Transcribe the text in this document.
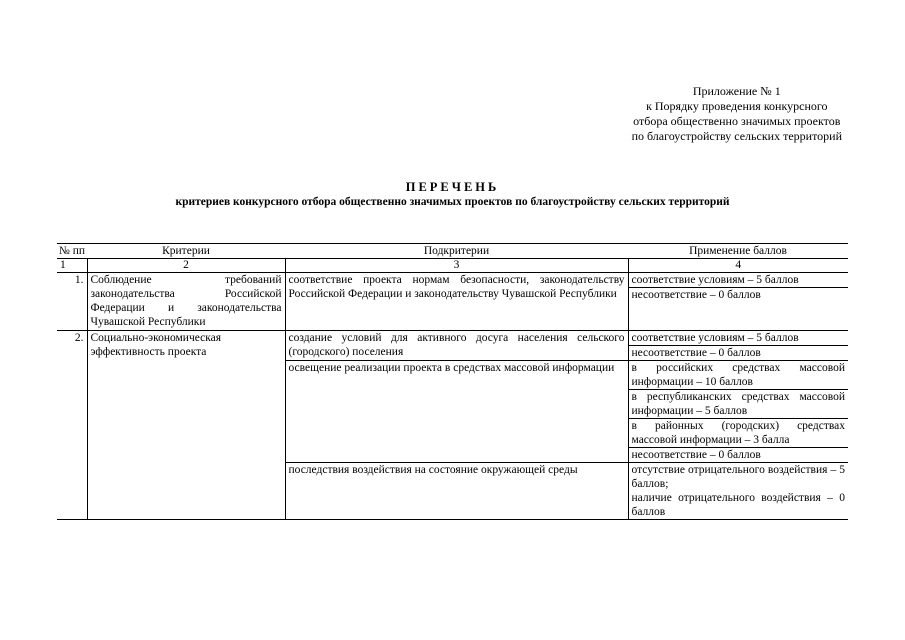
Приложение № 1
к Порядку проведения конкурсного
отбора общественно значимых проектов
по благоустройству сельских территорий
ПЕРЕЧЕНЬ
критериев конкурсного отбора общественно значимых проектов по благоустройству сельских территорий
№ пп	Критерии	Подкритерии	Применение баллов
1	2	3	4
1.	Соблюдение требований законодательства Российской Федерации и законодательства Чувашской Республики	соответствие проекта нормам безопасности, законодательству Российской Федерации и законодательству Чувашской Республики	соответствие условиям – 5 баллов
			несоответствие – 0 баллов
2.	Социально-экономическая эффективность проекта	создание условий для активного досуга населения сельского (городского) поселения	соответствие условиям – 5 баллов
			несоответствие – 0 баллов
		освещение реализации проекта в средствах массовой информации	в российских средствах массовой информации – 10 баллов
			в республиканских средствах массовой информации – 5 баллов
			в районных (городских) средствах массовой информации – 3 балла
			несоответствие – 0 баллов
		последствия воздействия на состояние окружающей среды	отсутствие отрицательного воздействия – 5 баллов;
			наличие отрицательного воздействия – 0 баллов
